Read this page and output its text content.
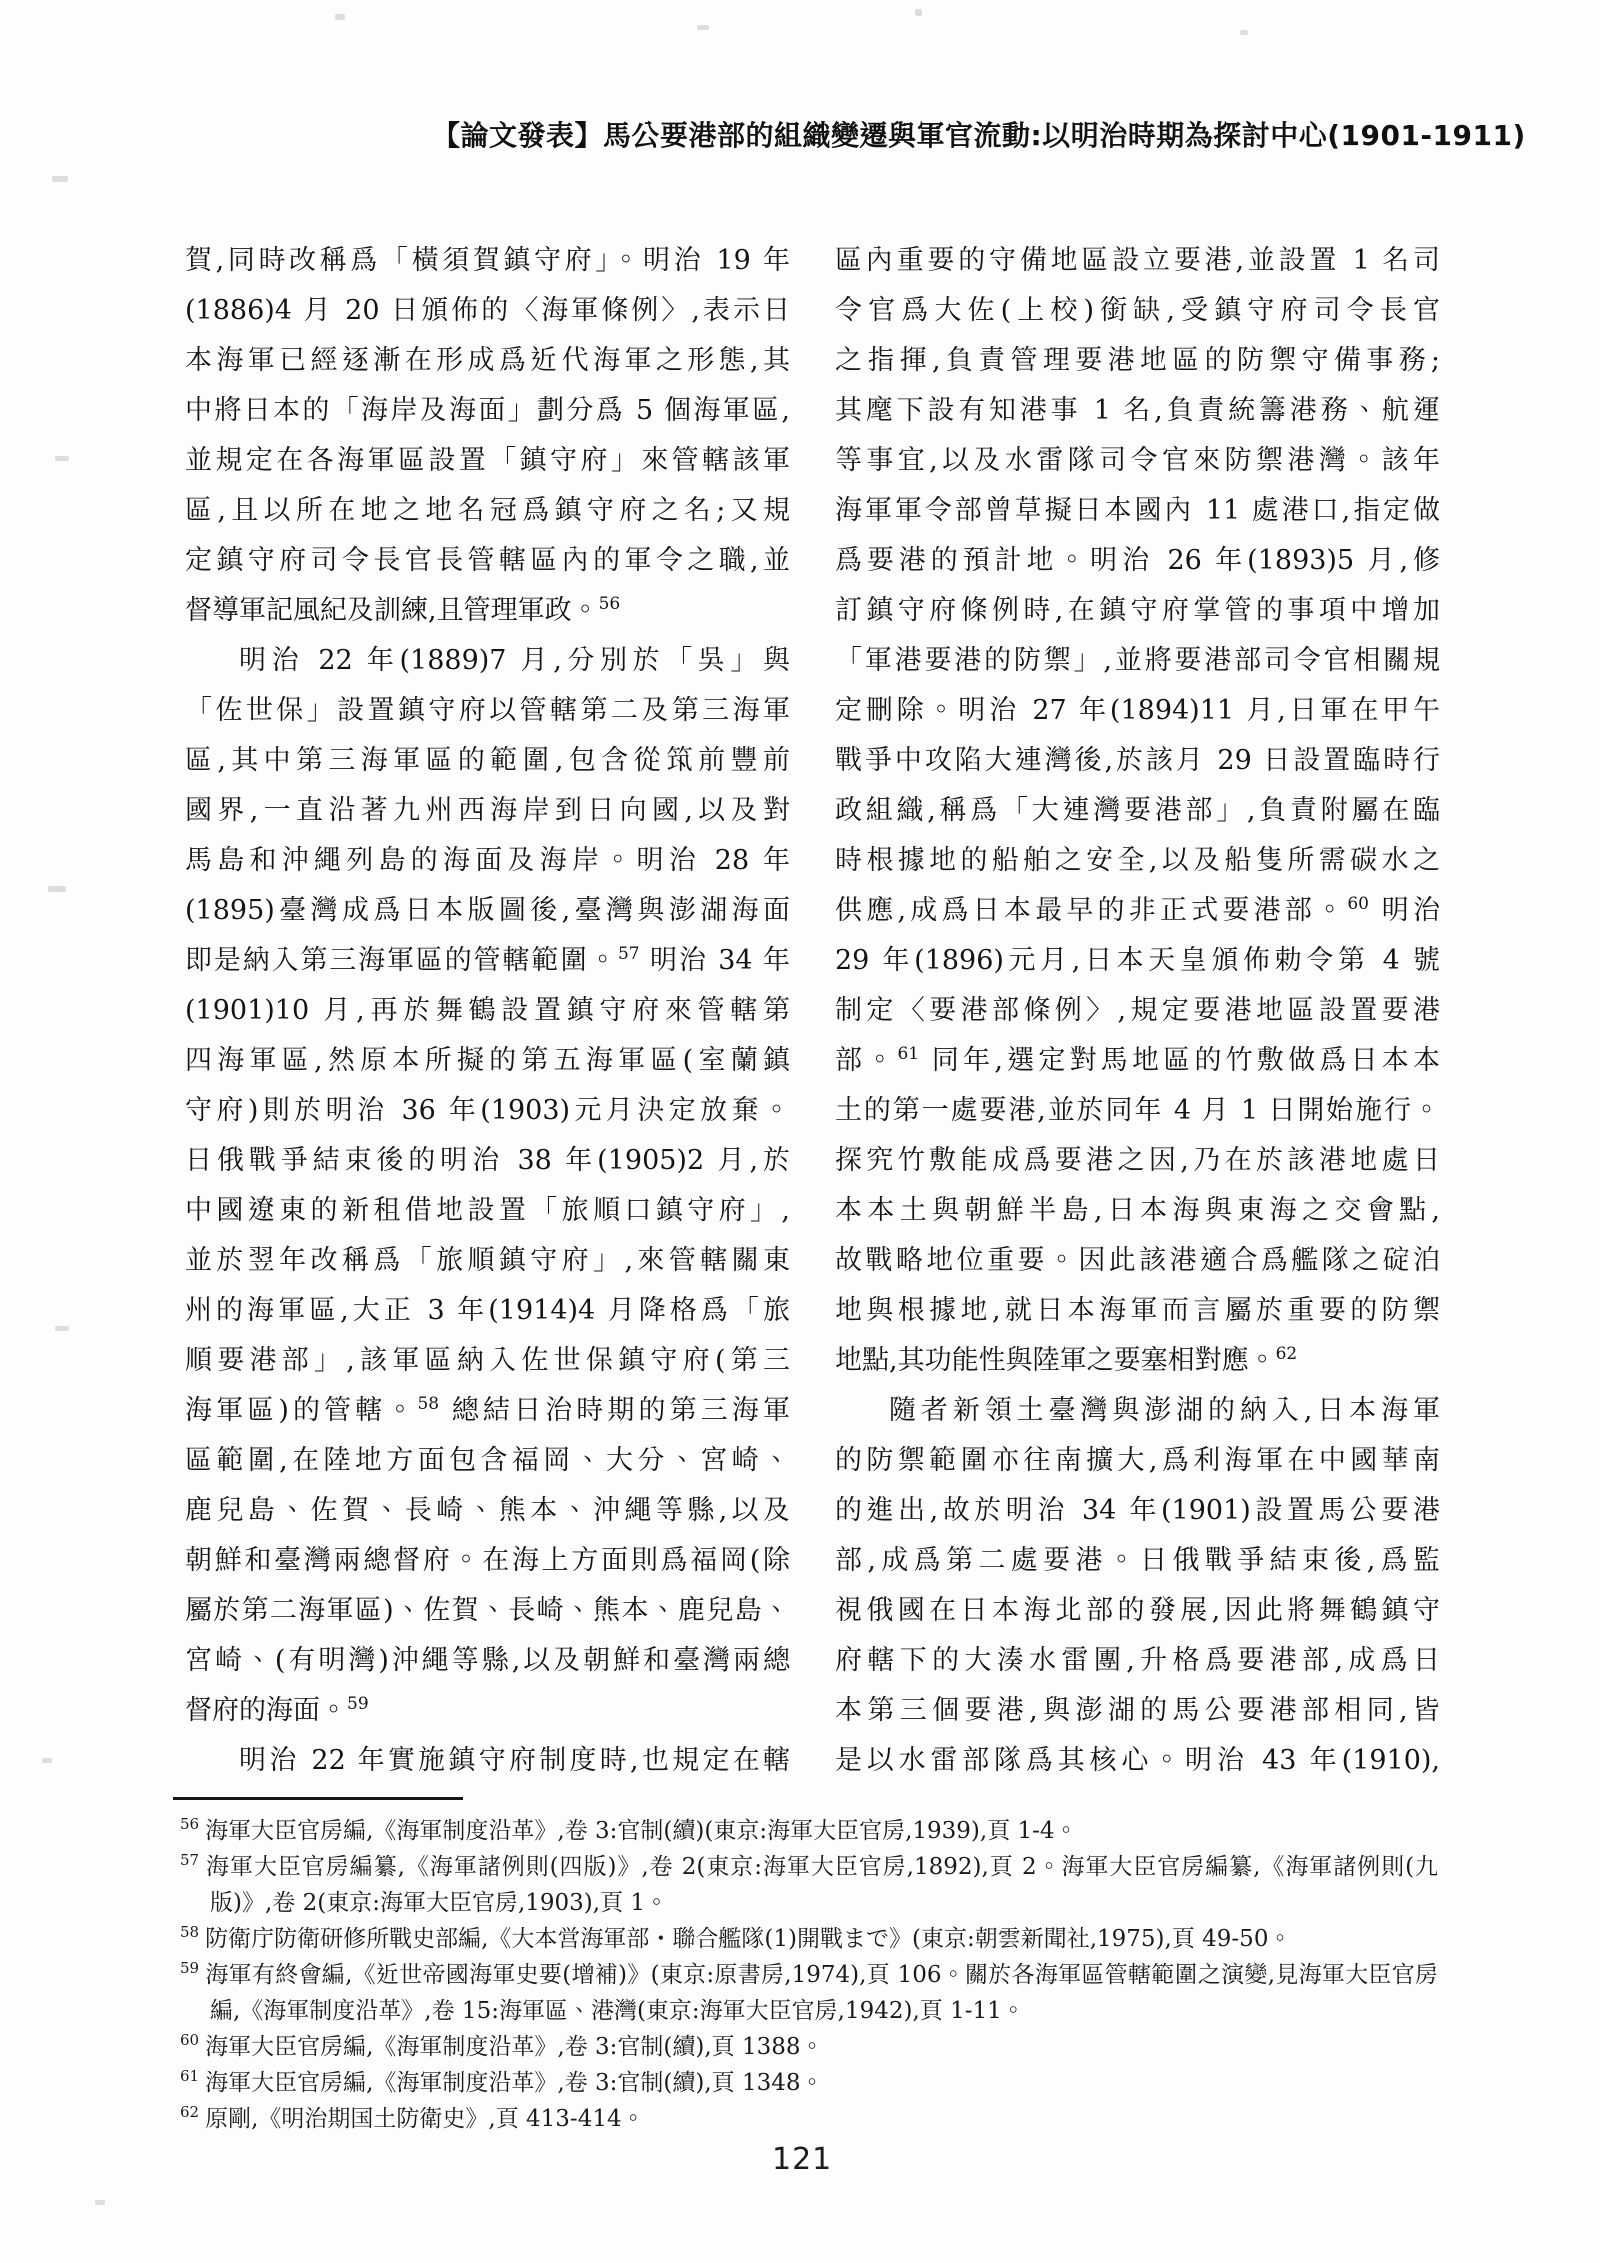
【論文發表】馬公要港部的組織變遷與軍官流動:以明治時期為探討中心(1901-1911)
賀,同時改稱爲「橫須賀鎮守府」。明治 19 年
(1886)4 月 20 日頒佈的〈海軍條例〉,表示日
本海軍已經逐漸在形成爲近代海軍之形態,其
中將日本的「海岸及海面」劃分爲 5 個海軍區,
並規定在各海軍區設置「鎮守府」來管轄該軍
區,且以所在地之地名冠爲鎮守府之名;又規
定鎮守府司令長官長管轄區內的軍令之職,並
督導軍記風紀及訓練,且管理軍政。$^{56}$
明治 22 年(1889)7 月,分別於「吳」與
「佐世保」設置鎮守府以管轄第二及第三海軍
區,其中第三海軍區的範圍,包含從筑前豐前
國界,一直沿著九州西海岸到日向國,以及對
馬島和沖繩列島的海面及海岸。明治 28 年
(1895)臺灣成爲日本版圖後,臺灣與澎湖海面
即是納入第三海軍區的管轄範圍。$^{57}$ 明治 34 年
(1901)10 月,再於舞鶴設置鎮守府來管轄第
四海軍區,然原本所擬的第五海軍區(室蘭鎮
守府)則於明治 36 年(1903)元月決定放棄。
日俄戰爭結束後的明治 38 年(1905)2 月,於
中國遼東的新租借地設置「旅順口鎮守府」,
並於翌年改稱爲「旅順鎮守府」,來管轄關東
州的海軍區,大正 3 年(1914)4 月降格爲「旅
順要港部」,該軍區納入佐世保鎮守府(第三
海軍區)的管轄。$^{58}$ 總結日治時期的第三海軍
區範圍,在陸地方面包含福岡、大分、宮崎、
鹿兒島、佐賀、長崎、熊本、沖繩等縣,以及
朝鮮和臺灣兩總督府。在海上方面則爲福岡(除
屬於第二海軍區)、佐賀、長崎、熊本、鹿兒島、
宮崎、(有明灣)沖繩等縣,以及朝鮮和臺灣兩總
督府的海面。$^{59}$
明治 22 年實施鎮守府制度時,也規定在轄
區內重要的守備地區設立要港,並設置 1 名司
令官爲大佐(上校)銜缺,受鎮守府司令長官
之指揮,負責管理要港地區的防禦守備事務;
其麾下設有知港事 1 名,負責統籌港務、航運
等事宜,以及水雷隊司令官來防禦港灣。該年
海軍軍令部曾草擬日本國內 11 處港口,指定做
爲要港的預計地。明治 26 年(1893)5 月,修
訂鎮守府條例時,在鎮守府掌管的事項中增加
「軍港要港的防禦」,並將要港部司令官相關規
定刪除。明治 27 年(1894)11 月,日軍在甲午
戰爭中攻陷大連灣後,於該月 29 日設置臨時行
政組織,稱爲「大連灣要港部」,負責附屬在臨
時根據地的船舶之安全,以及船隻所需碳水之
供應,成爲日本最早的非正式要港部。$^{60}$ 明治
29 年(1896)元月,日本天皇頒佈勅令第 4 號
制定〈要港部條例〉,規定要港地區設置要港
部。$^{61}$ 同年,選定對馬地區的竹敷做爲日本本
土的第一處要港,並於同年 4 月 1 日開始施行。
探究竹敷能成爲要港之因,乃在於該港地處日
本本土與朝鮮半島,日本海與東海之交會點,
故戰略地位重要。因此該港適合爲艦隊之碇泊
地與根據地,就日本海軍而言屬於重要的防禦
地點,其功能性與陸軍之要塞相對應。$^{62}$
隨者新領土臺灣與澎湖的納入,日本海軍
的防禦範圍亦往南擴大,爲利海軍在中國華南
的進出,故於明治 34 年(1901)設置馬公要港
部,成爲第二處要港。日俄戰爭結束後,爲監
視俄國在日本海北部的發展,因此將舞鶴鎮守
府轄下的大湊水雷團,升格爲要港部,成爲日
本第三個要港,與澎湖的馬公要港部相同,皆
是以水雷部隊爲其核心。明治 43 年(1910),
$^{56}$ 海軍大臣官房編,《海軍制度沿革》,卷 3:官制(續)(東京:海軍大臣官房,1939),頁 1-4。
$^{57}$ 海軍大臣官房編纂,《海軍諸例則(四版)》,卷 2(東京:海軍大臣官房,1892),頁 2。海軍大臣官房編纂,《海軍諸例則(九版)》,卷 2(東京:海軍大臣官房,1903),頁 1。
$^{58}$ 防衛庁防衛研修所戰史部編,《大本営海軍部・聯合艦隊(1)開戰まで》(東京:朝雲新聞社,1975),頁 49-50。
$^{59}$ 海軍有終會編,《近世帝國海軍史要(增補)》(東京:原書房,1974),頁 106。關於各海軍區管轄範圍之演變,見海軍大臣官房編,《海軍制度沿革》,卷 15:海軍區、港灣(東京:海軍大臣官房,1942),頁 1-11。
$^{60}$ 海軍大臣官房編,《海軍制度沿革》,卷 3:官制(續),頁 1388。
$^{61}$ 海軍大臣官房編,《海軍制度沿革》,卷 3:官制(續),頁 1348。
$^{62}$ 原剛,《明治期国土防衛史》,頁 413-414。
121
